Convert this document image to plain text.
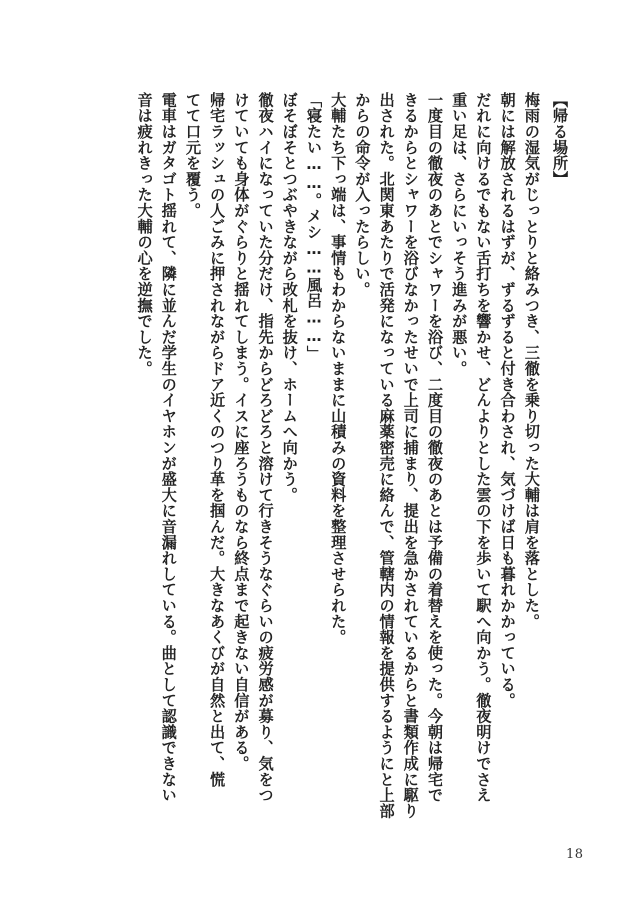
【帰る場所】
梅雨の湿気がじっとりと絡みつき、三徹を乗り切った大輔は肩を落とした。
朝には解放されるはずが、ずるずると付き合わされ、気づけば日も暮れかかっている。
だれに向けるでもない舌打ちを響かせ、どんよりとした雲の下を歩いて駅へ向かう。徹夜明けでさえ
重い足は、さらにいっそう進みが悪い。
一度目の徹夜のあとでシャワーを浴び、二度目の徹夜のあとは予備の着替えを使った。今朝は帰宅で
きるからとシャワーを浴びなかったせいで上司に捕まり、提出を急かされているからと書類作成に駆り
出された。北関東あたりで活発になっている麻薬密売に絡んで、管轄内の情報を提供するようにと上部
からの命令が入ったらしい。
大輔たち下っ端は、事情もわからないままに山積みの資料を整理させられた。
「寝たい……。メシ……風呂……」
ぼそぼそとつぶやきながら改札を抜け、ホームへ向かう。
徹夜ハイになっていた分だけ、指先からどろどろと溶けて行きそうなぐらいの疲労感が募り、気をつ
けていても身体がぐらりと揺れてしまう。イスに座ろうものなら終点まで起きない自信がある。
帰宅ラッシュの人ごみに押されながらドア近くのつり革を掴んだ。大きなあくびが自然と出て、慌
てて口元を覆う。
電車はガタゴト揺れて、隣に並んだ学生のイヤホンが盛大に音漏れしている。曲として認識できない
音は疲れきった大輔の心を逆撫でした。
18
